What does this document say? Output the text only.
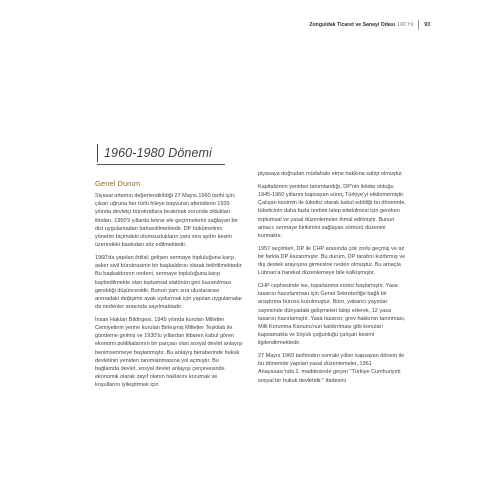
Zonguldak Ticaret ve Sanayi Odası 100 Yıl 93
1960-1980 Dönemi
Genel Durum

Siyasal ortamın değerlendirildiği 27 Mayıs 1960 tarihi için; çıkarı uğruna her türlü hileye başvuran aferistlerin 1939 yılında devletçi bürokratlara bırakmak zorunda oldukları iktidarı, 1950'li yıllarda tekrar ele geçirmelerini sağlayan bir dizi uygulamadan bahsedilmektedir. DP hükümetinin yönetim biçimdeki olumsuzlukların yanı sıra aydın kesim üzerindeki baskıdan söz edilmektedir.

1960'da yapılan ihtilal; gelişen sermaye topluluğuna karşı, asker sivil bürokrasinin bir başkaldırısı olarak belirtilmektedir. Bu başkaldırının nedeni, sermaye topluluğuna karşı kaybedilmekte olan toplumsal statünün geri kazanılması gerektiği düşüncesidir. Bunun yanı sıra uluslararası arenadaki değişime ayak uydurmak için yapılan uygulamalar da nedenler arasında sayılmaktadır.

İnsan Hakları Bildirgesi, 1945 yılında kurulan Milletler Cemiyetinin yerine kurulan Birleşmiş Milletler Teşkilatı ile gündeme gelmiş ve 1930'lu yıllardan itibaren kabul gören ekonomi politikalarının bir parçası olan sosyal devlet anlayışı benimsenmeye başlanmıştır. Bu anlayış beraberinde hukuk devletinin yeniden tanımlanmasına yol açmıştır. Bu bağlamda devlet, sosyal devlet anlayışı çerçevesinde ekonomik olarak zayıf olanın haklarını korumak ve koşullarını iyileştirmek için

piyasaya doğrudan müdahale etme hakkına sahip olmuştur.

Kapitalizmin yeniden tanımlandığı, DP'nin iktidar olduğu 1945-1960 yıllarını kapsayan süreç Türkiye'yi etkilememiştir. Çalışan kesimin ile tüketici olarak kabul edildiği bu dönemde, tüketicinin daha fazla üretimi talep edebilmesi için gereken toplumsal ve yasal düzenlemeler ihmal edilmiştir. Bunun amacı; sermaye birikimini sağlayan sömürü düzenini kurmaktır.

1957 seçimleri, DP ile CHP arasında çok zorlu geçmiş ve az bir farkla DP kazanmıştır. Bu durum, DP tarafını kızdırmış ve dış destek arayışına girmesine neden olmuştur. Bu amaçla Lübnan'a harekat düzenlemeye bile kalkışmıştır.

CHP cephesinde ise, toparlanma süreci başlamıştır. Yasa tasarısı hazırlanması için Genel Sekreterliğe bağlı bir araştırma bürosu kurulmuştur. Büro, yabancı yayınlar sayesinde dünyadaki gelişmeleri takip ederek, 12 yasa tasarısı hazırlamıştır. Yasa tasarısı; grev hakkının tanınması, Milli Korunma Kanunu'nun kaldırılması gibi konuları kapsamakta ve büyük çoğunluğu çalışan kesimi ilgilendirmektedir.

27 Mayıs 1960 tarihinden sonraki yılları kapsayan dönem ile bu dönemde yapılan yasal düzenlemeler, 1961 Anayasası'nda 2. maddesinde geçen "Türkiye Cumhuriyeti sosyal bir hukuk devletidir." ifadesini
